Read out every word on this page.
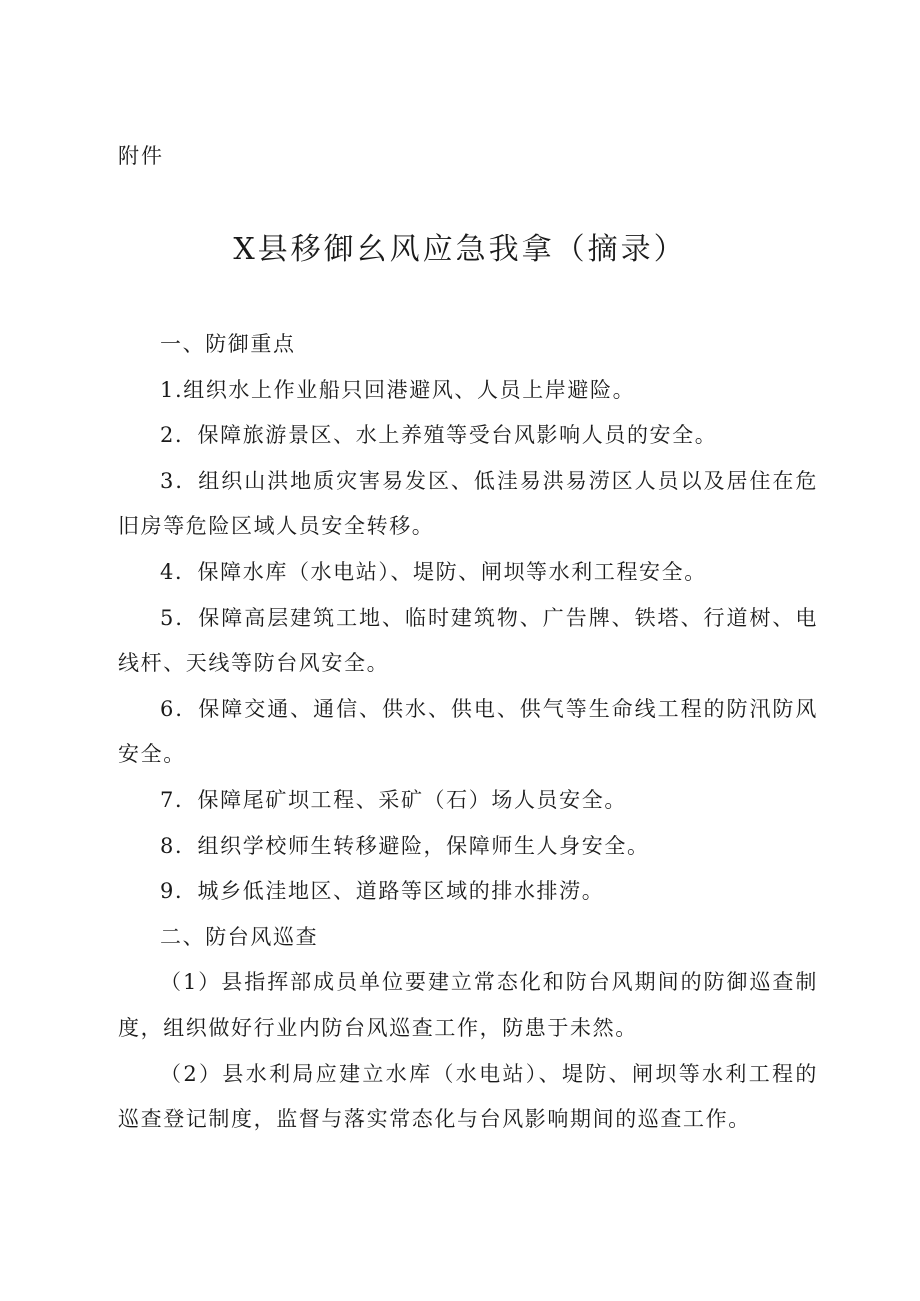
附件
X县移御幺风应急我拿（摘录）

一、防御重点

1.组织水上作业船只回港避风、人员上岸避险。

2．保障旅游景区、水上养殖等受台风影响人员的安全。

3．组织山洪地质灾害易发区、低洼易洪易涝区人员以及居住在危旧房等危险区域人员安全转移。

4．保障水库（水电站）、堤防、闸坝等水利工程安全。

5．保障高层建筑工地、临时建筑物、广告牌、铁塔、行道树、电线杆、天线等防台风安全。

6．保障交通、通信、供水、供电、供气等生命线工程的防汛防风安全。

7．保障尾矿坝工程、采矿（石）场人员安全。

8．组织学校师生转移避险，保障师生人身安全。

9．城乡低洼地区、道路等区域的排水排涝。

二、防台风巡查

（1）县指挥部成员单位要建立常态化和防台风期间的防御巡查制度，组织做好行业内防台风巡查工作，防患于未然。

（2）县水利局应建立水库（水电站）、堤防、闸坝等水利工程的巡查登记制度，监督与落实常态化与台风影响期间的巡查工作。
